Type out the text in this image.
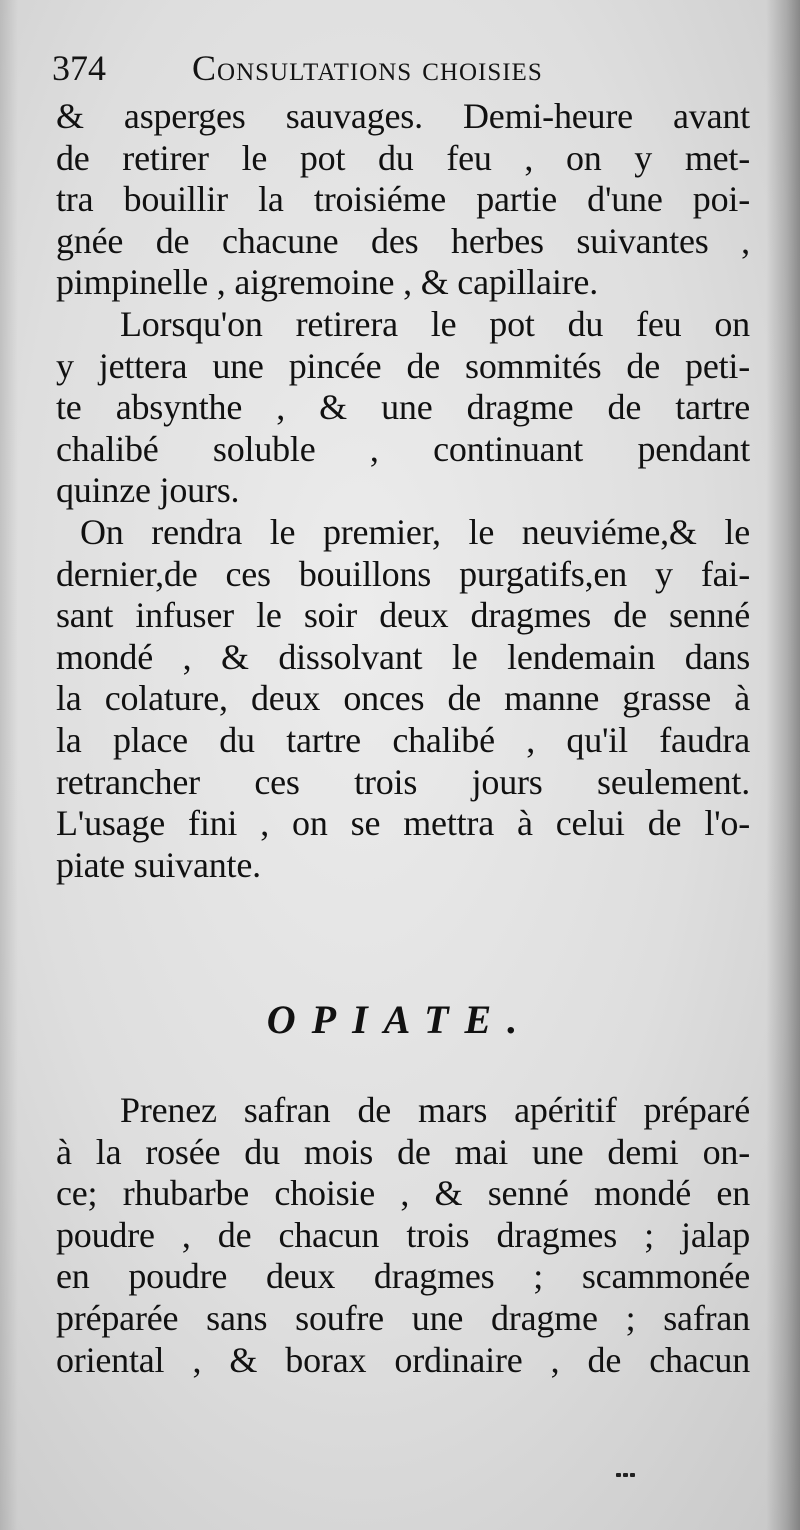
374 Consultations choisies
& asperges sauvages. Demi-heure avant
de retirer le pot du feu , on y met-
tra bouillir la troisiéme partie d'une poi-
gnée de chacune des herbes suivantes ,
pimpinelle , aigremoine , & capillaire.
Lorsqu'on retirera le pot du feu on
y jettera une pincée de sommités de peti-
te absynthe , & une dragme de tartre
chalibé soluble , continuant pendant
quinze jours.
On rendra le premier, le neuviéme,& le
dernier,de ces bouillons purgatifs,en y fai-
sant infuser le soir deux dragmes de senné
mondé , & dissolvant le lendemain dans
la colature, deux onces de manne grasse à
la place du tartre chalibé , qu'il faudra
retrancher ces trois jours seulement.
L'usage fini , on se mettra à celui de l'o-
piate suivante.
OPIATE.
Prenez safran de mars apéritif préparé
à la rosée du mois de mai une demi on-
ce; rhubarbe choisie , & senné mondé en
poudre , de chacun trois dragmes ; jalap
en poudre deux dragmes ; scammonée
préparée sans soufre une dragme ; safran
oriental , & borax ordinaire , de chacun
